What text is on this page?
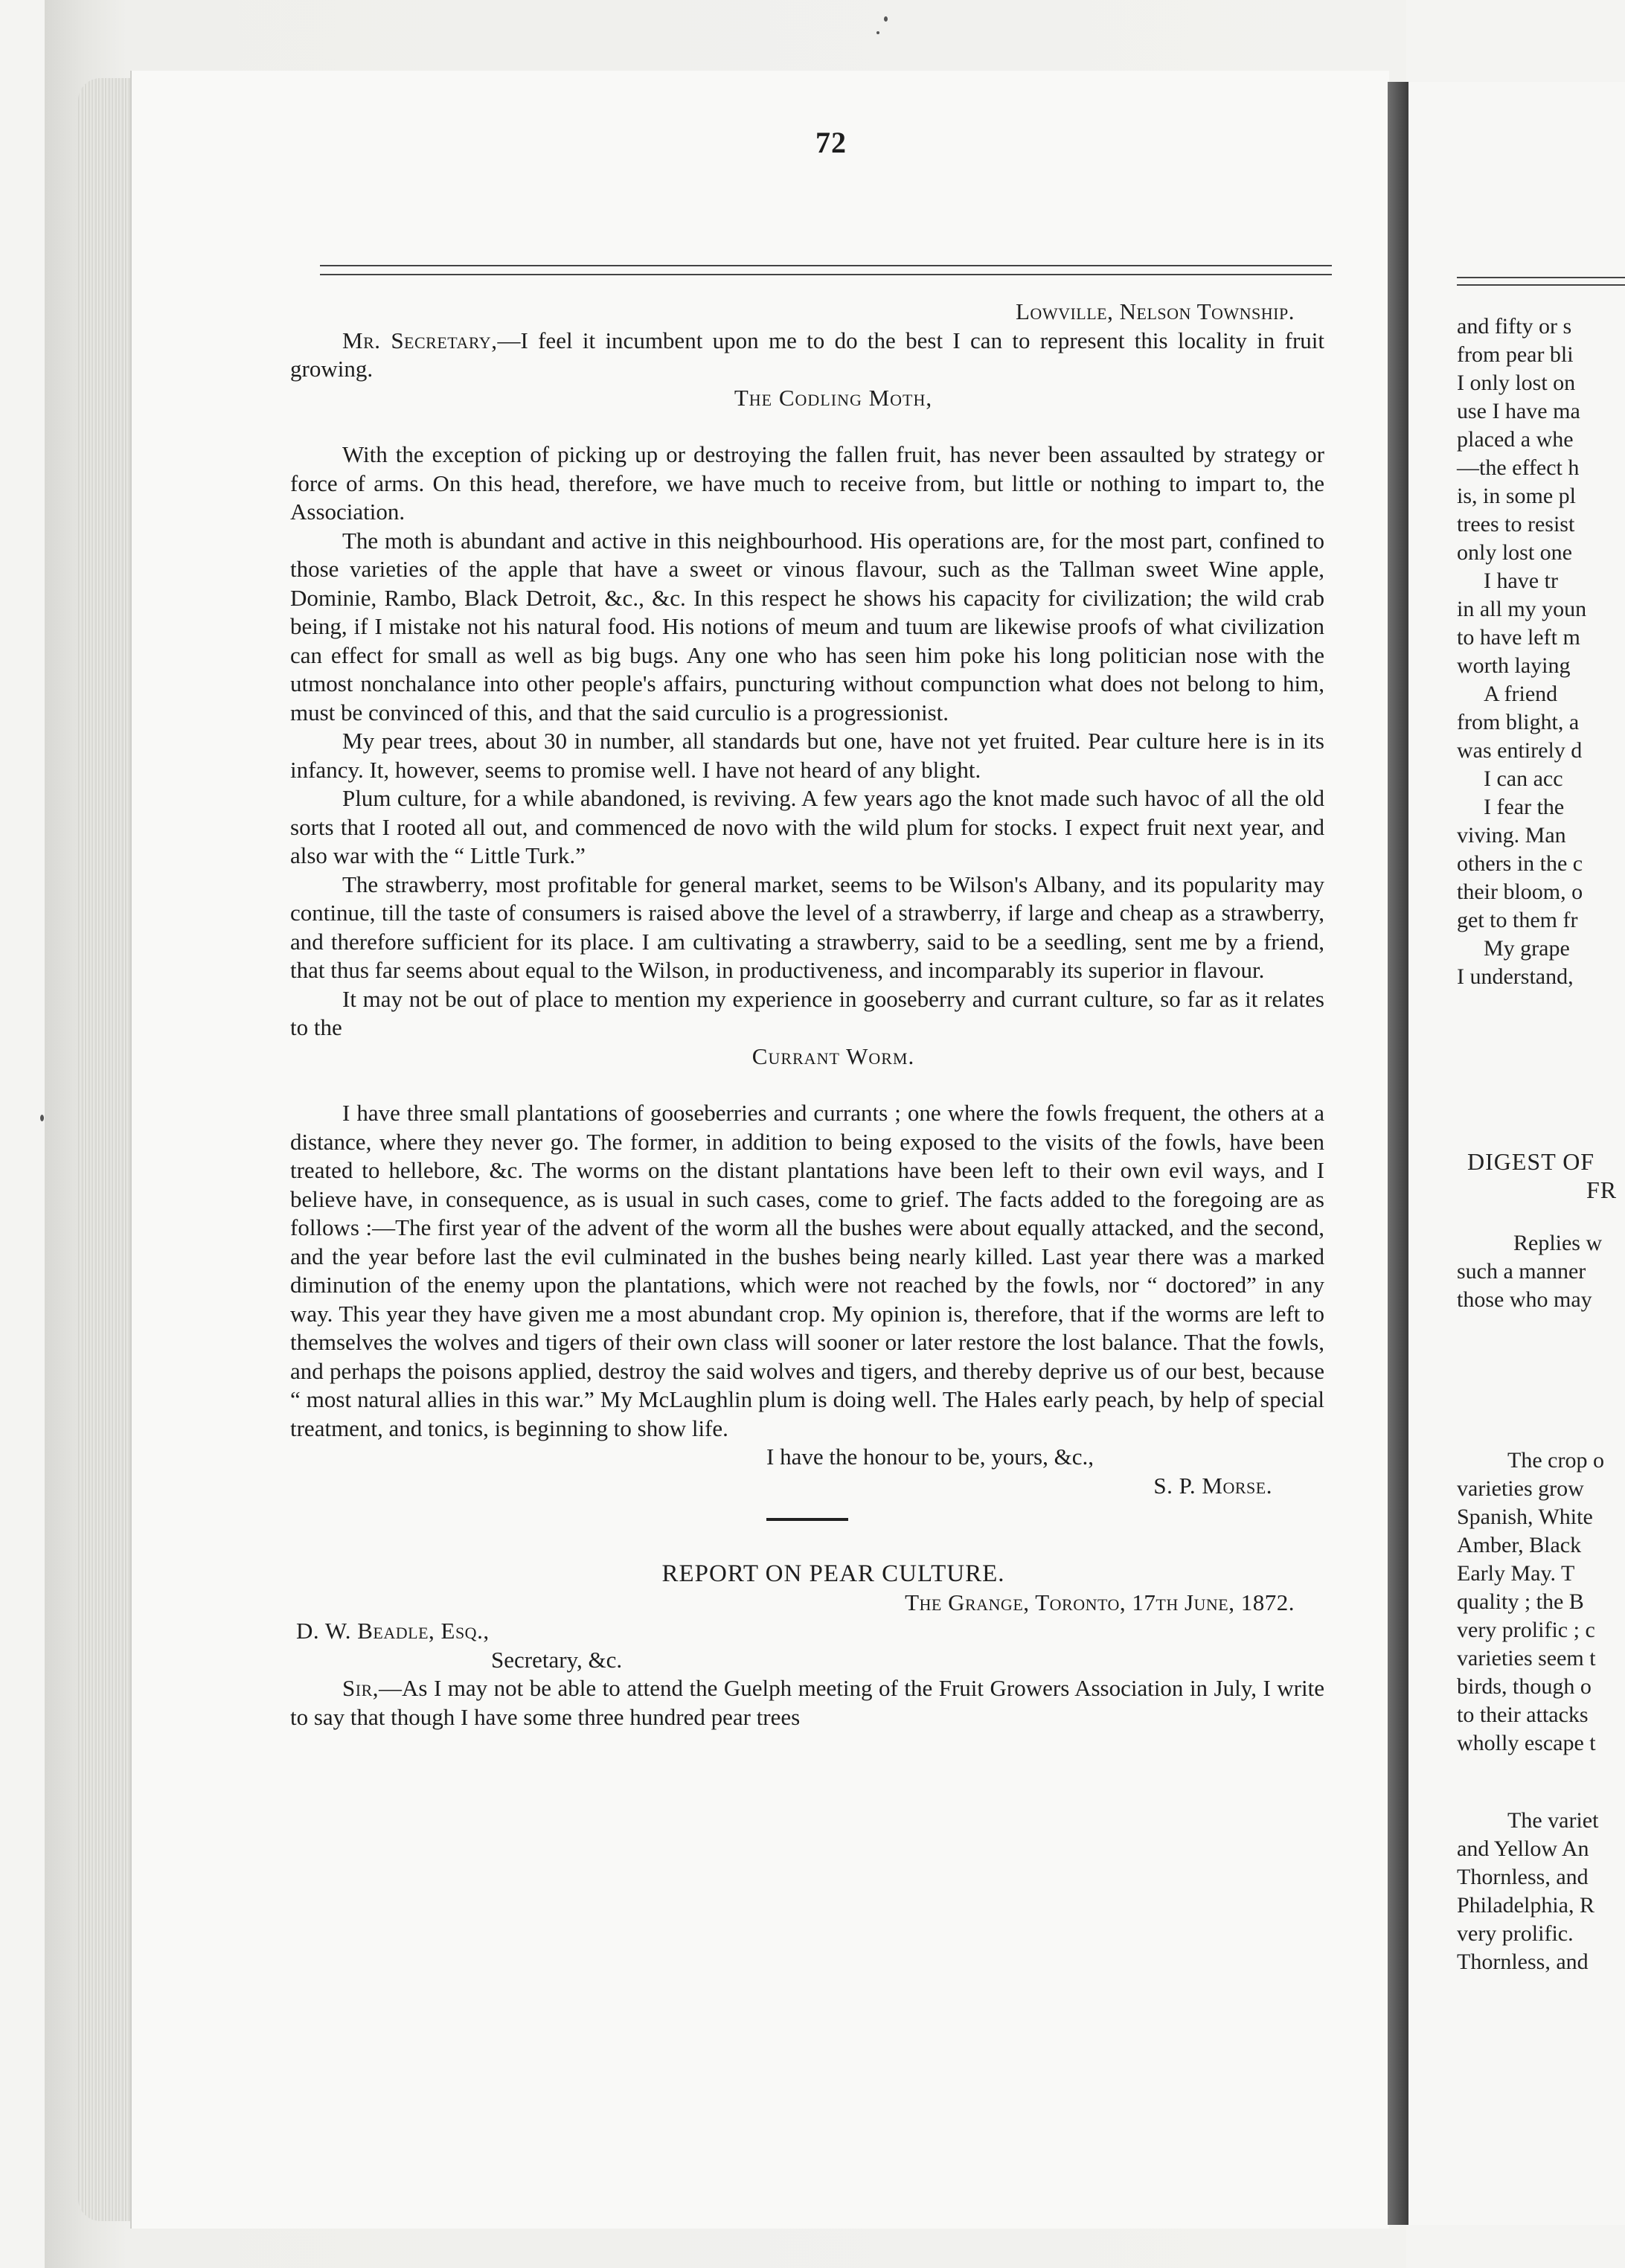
72

Lowville, Nelson Township.

Mr. Secretary,—I feel it incumbent upon me to do the best I can to represent this locality in fruit growing.

The Codling Moth,

With the exception of picking up or destroying the fallen fruit, has never been assaulted by strategy or force of arms. On this head, therefore, we have much to receive from, but little or nothing to impart to, the Association.

The moth is abundant and active in this neighbourhood. His operations are, for the most part, confined to those varieties of the apple that have a sweet or vinous flavour, such as the Tallman sweet Wine apple, Dominie, Rambo, Black Detroit, &c., &c. In this respect he shows his capacity for civilization; the wild crab being, if I mistake not his natural food. His notions of meum and tuum are likewise proofs of what civilization can effect for small as well as big bugs. Any one who has seen him poke his long politician nose with the utmost nonchalance into other people's affairs, puncturing without compunction what does not belong to him, must be convinced of this, and that the said curculio is a progressionist.

My pear trees, about 30 in number, all standards but one, have not yet fruited. Pear culture here is in its infancy. It, however, seems to promise well. I have not heard of any blight.

Plum culture, for a while abandoned, is reviving. A few years ago the knot made such havoc of all the old sorts that I rooted all out, and commenced de novo with the wild plum for stocks. I expect fruit next year, and also war with the “ Little Turk.”

The strawberry, most profitable for general market, seems to be Wilson's Albany, and its popularity may continue, till the taste of consumers is raised above the level of a strawberry, if large and cheap as a strawberry, and therefore sufficient for its place. I am cultivating a strawberry, said to be a seedling, sent me by a friend, that thus far seems about equal to the Wilson, in productiveness, and incomparably its superior in flavour.

It may not be out of place to mention my experience in gooseberry and currant culture, so far as it relates to the

Currant Worm.

I have three small plantations of gooseberries and currants ; one where the fowls frequent, the others at a distance, where they never go. The former, in addition to being exposed to the visits of the fowls, have been treated to hellebore, &c. The worms on the distant plantations have been left to their own evil ways, and I believe have, in consequence, as is usual in such cases, come to grief. The facts added to the foregoing are as follows :—The first year of the advent of the worm all the bushes were about equally attacked, and the second, and the year before last the evil culminated in the bushes being nearly killed. Last year there was a marked diminution of the enemy upon the plantations, which were not reached by the fowls, nor “ doctored” in any way. This year they have given me a most abundant crop. My opinion is, therefore, that if the worms are left to themselves the wolves and tigers of their own class will sooner or later restore the lost balance. That the fowls, and perhaps the poisons applied, destroy the said wolves and tigers, and thereby deprive us of our best, because “ most natural allies in this war.” My McLaughlin plum is doing well. The Hales early peach, by help of special treatment, and tonics, is beginning to show life.

I have the honour to be, yours, &c.,

S. P. Morse.

REPORT ON PEAR CULTURE.

The Grange, Toronto, 17th June, 1872.

D. W. Beadle, Esq.,

Secretary, &c.

Sir,—As I may not be able to attend the Guelph meeting of the Fruit Growers Association in July, I write to say that though I have some three hundred pear trees

and fifty or s

from pear bli

I only lost on

use I have ma

placed a whe

—the effect h

is, in some pl

trees to resist

only lost one

I have tr

in all my youn

to have left m

worth laying

A friend

from blight, a

was entirely d

I can acc

I fear the

viving. Man

others in the c

their bloom, o

get to them fr

My grape

I understand,

DIGEST OF

FR

Replies w

such a manner

those who may

The crop o

varieties grow

Spanish, White

Amber, Black

Early May. T

quality ; the B

very prolific ; c

varieties seem t

birds, though o

to their attacks

wholly escape t

The variet

and Yellow An

Thornless, and

Philadelphia, R

very prolific.

Thornless, and
